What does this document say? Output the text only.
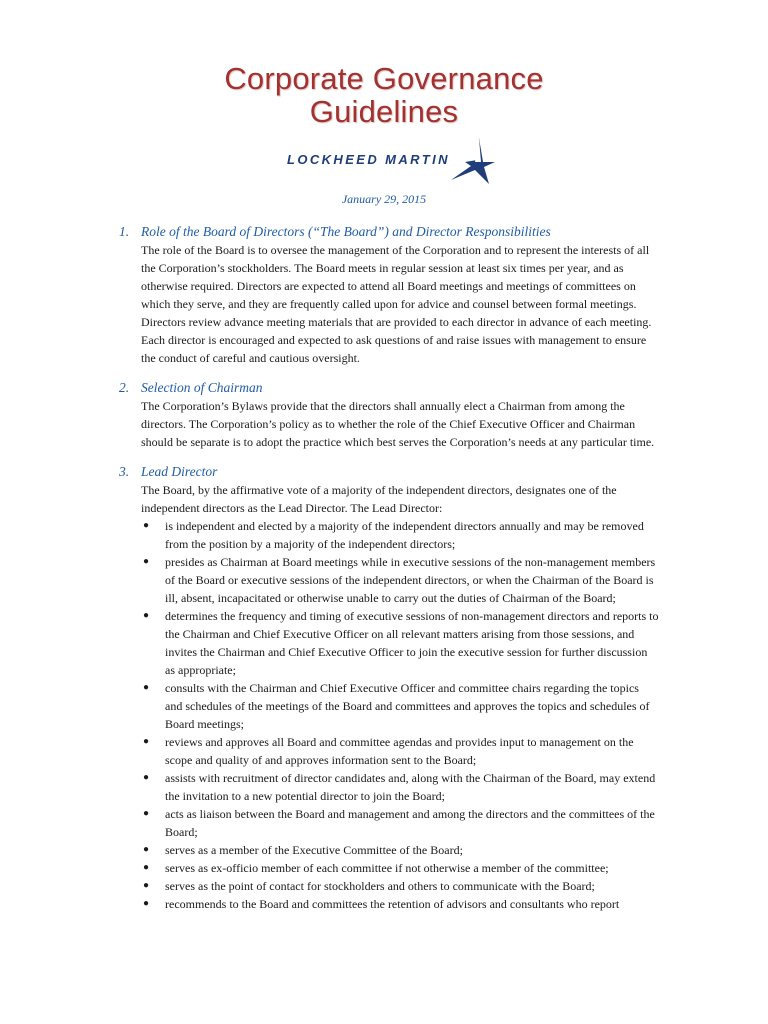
Corporate Governance
Guidelines
LOCKHEED MARTIN
January 29, 2015
1. Role of the Board of Directors (“The Board”) and Director Responsibilities
The role of the Board is to oversee the management of the Corporation and to represent the interests of all the Corporation’s stockholders. The Board meets in regular session at least six times per year, and as otherwise required. Directors are expected to attend all Board meetings and meetings of committees on which they serve, and they are frequently called upon for advice and counsel between formal meetings. Directors review advance meeting materials that are provided to each director in advance of each meeting. Each director is encouraged and expected to ask questions of and raise issues with management to ensure the conduct of careful and cautious oversight.
2. Selection of Chairman
The Corporation’s Bylaws provide that the directors shall annually elect a Chairman from among the directors. The Corporation’s policy as to whether the role of the Chief Executive Officer and Chairman should be separate is to adopt the practice which best serves the Corporation’s needs at any particular time.
3. Lead Director
The Board, by the affirmative vote of a majority of the independent directors, designates one of the independent directors as the Lead Director. The Lead Director:
● is independent and elected by a majority of the independent directors annually and may be removed from the position by a majority of the independent directors;
● presides as Chairman at Board meetings while in executive sessions of the non-management members of the Board or executive sessions of the independent directors, or when the Chairman of the Board is ill, absent, incapacitated or otherwise unable to carry out the duties of Chairman of the Board;
● determines the frequency and timing of executive sessions of non-management directors and reports to the Chairman and Chief Executive Officer on all relevant matters arising from those sessions, and invites the Chairman and Chief Executive Officer to join the executive session for further discussion as appropriate;
● consults with the Chairman and Chief Executive Officer and committee chairs regarding the topics and schedules of the meetings of the Board and committees and approves the topics and schedules of Board meetings;
● reviews and approves all Board and committee agendas and provides input to management on the scope and quality of and approves information sent to the Board;
● assists with recruitment of director candidates and, along with the Chairman of the Board, may extend the invitation to a new potential director to join the Board;
● acts as liaison between the Board and management and among the directors and the committees of the Board;
● serves as a member of the Executive Committee of the Board;
● serves as ex-officio member of each committee if not otherwise a member of the committee;
● serves as the point of contact for stockholders and others to communicate with the Board;
● recommends to the Board and committees the retention of advisors and consultants who report
